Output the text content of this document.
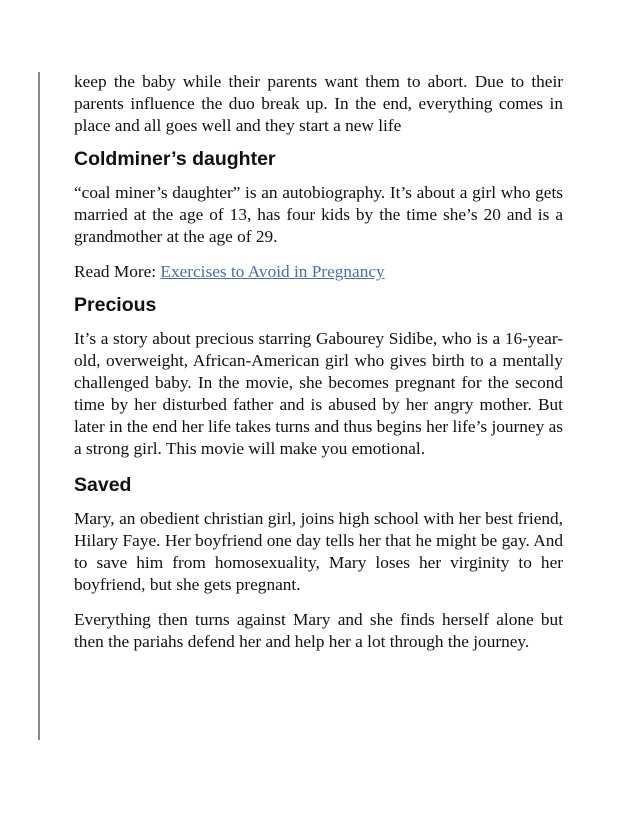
keep the baby while their parents want them to abort. Due to their parents influence the duo break up. In the end, everything comes in place and all goes well and they start a new life

Coldminer’s daughter

“coal miner’s daughter” is an autobiography. It’s about a girl who gets married at the age of 13, has four kids by the time she’s 20 and is a grandmother at the age of 29.

Read More: Exercises to Avoid in Pregnancy

Precious

It’s a story about precious starring Gabourey Sidibe, who is a 16-year-old, overweight, African-American girl who gives birth to a mentally challenged baby. In the movie, she becomes pregnant for the second time by her disturbed father and is abused by her angry mother. But later in the end her life takes turns and thus begins her life’s journey as a strong girl. This movie will make you emotional.

Saved

Mary, an obedient christian girl, joins high school with her best friend, Hilary Faye. Her boyfriend one day tells her that he might be gay. And to save him from homosexuality, Mary loses her virginity to her boyfriend, but she gets pregnant.

Everything then turns against Mary and she finds herself alone but then the pariahs defend her and help her a lot through the journey.
